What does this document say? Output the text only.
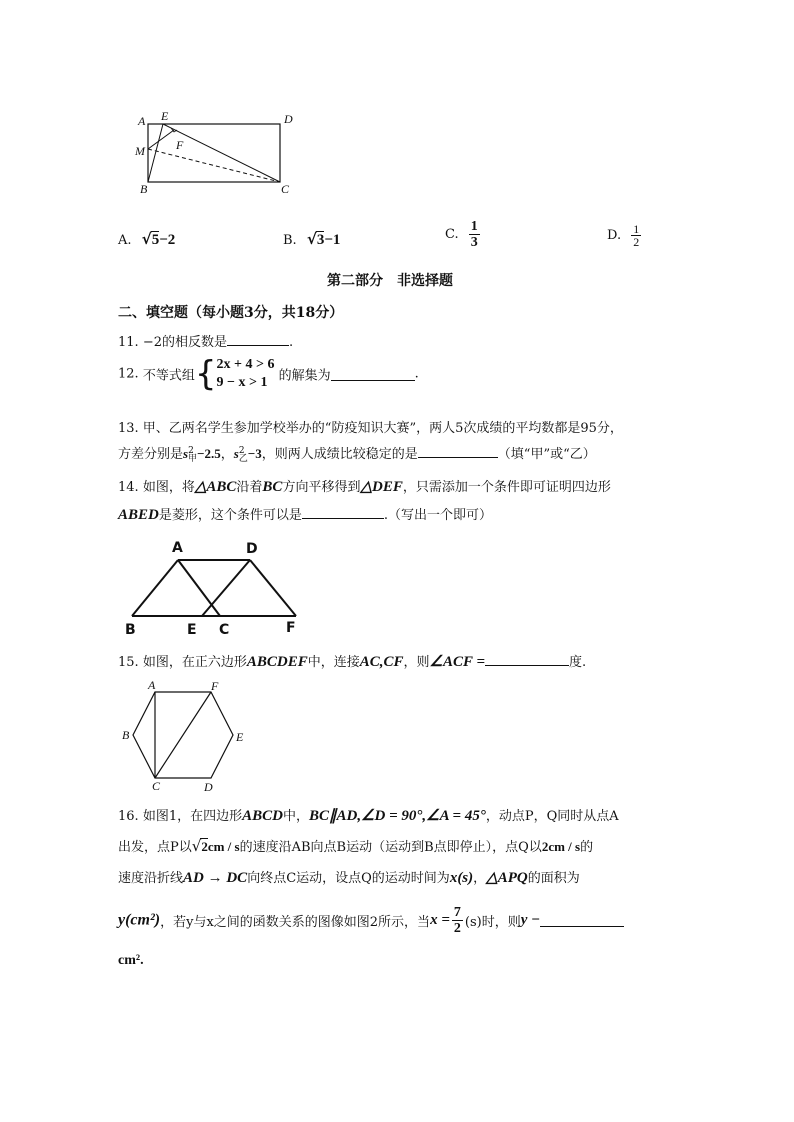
A E	D
F
M
B	C
A. √5−2	B. √3−1	C. $\frac{1}{3}$	D. $\frac{1}{2}$
第二部分　非选择题
二、填空题（每小题3分，共18分）
11. −2的相反数是	.
12. 不等式组{ 2x + 4 > 6
9 − x > 1 的解集为	.
13. 甲、乙两名学生参加学校举办的“防疫知识大赛”，两人5次成绩的平均数都是95分，
方差分别是s 2
甲 −2.5，s 2
乙 −3，则两人成绩比较稳定的是	（填“甲”或“乙）
14. 如图，将△ABC沿着BC方向平移得到△DEF，只需添加一个条件即可证明四边形
ABED是菱形，这个条件可以是	.（写出一个即可）
A	D
B	E C	F
15. 如图，在正六边形ABCDEF中，连接AC,CF，则∠ACF =	度.
A	F
B	E
C	D
16. 如图1，在四边形ABCD中，BC∥AD,∠D = 90°,∠A = 45°，动点P，Q同时从点A
出发，点P以√2cm / s的速度沿AB向点B运动（运动到B点即停止），点Q以2cm / s的
速度沿折线AD → DC向终点C运动，设点Q的运动时间为x(s)，△APQ的面积为
y(cm²)，若y与x之间的函数关系的图像如图2所示，当$x = \frac{7}{2} (s)$时，则y −
cm².
